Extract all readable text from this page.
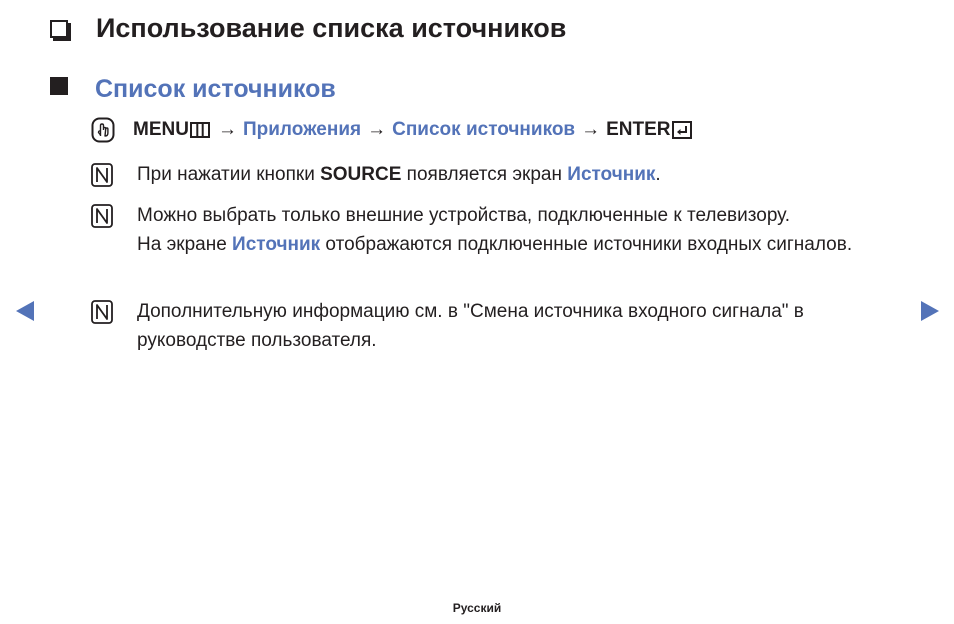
Использование списка источников
Список источников
MENU → Приложения → Список источников → ENTER
При нажатии кнопки SOURCE появляется экран Источник.
Можно выбрать только внешние устройства, подключенные к телевизору.
На экране Источник отображаются подключенные источники входных сигналов.
Дополнительную информацию см. в "Смена источника входного сигнала" в руководстве пользователя.
Русский
